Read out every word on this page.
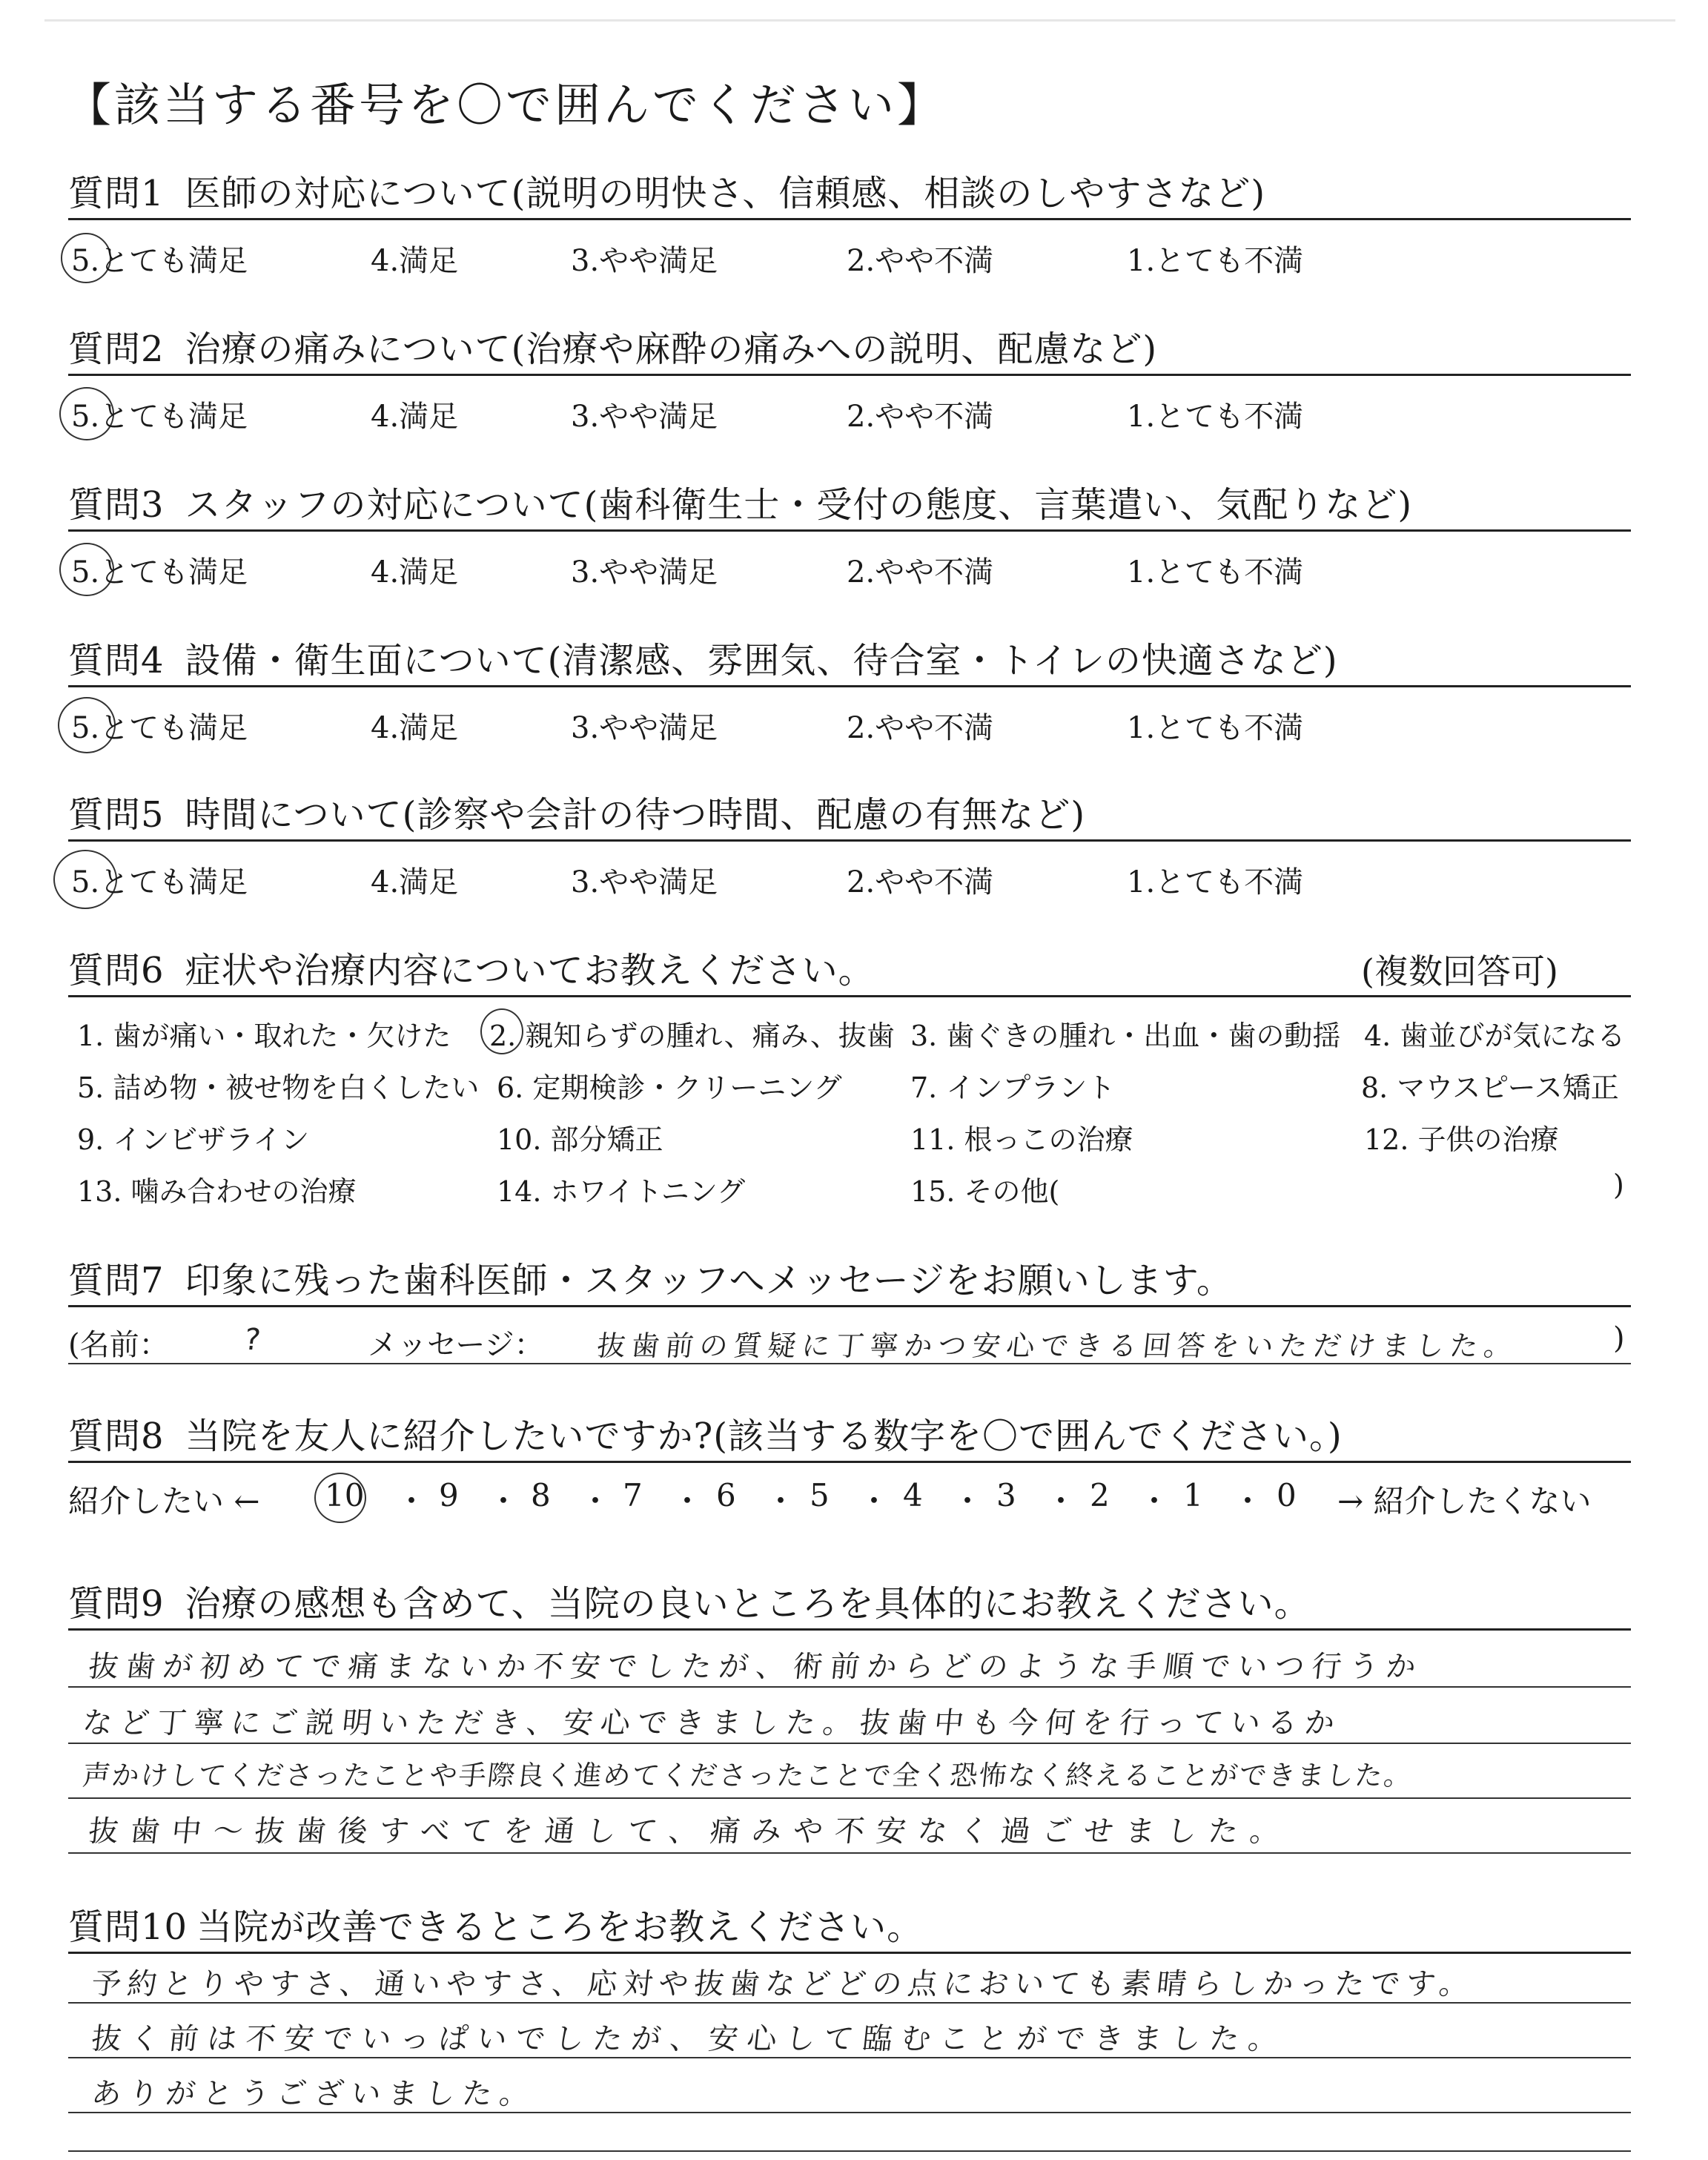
【該当する番号を〇で囲んでください】
質問1 医師の対応について(説明の明快さ、信頼感、相談のしやすさなど)
5.とても満足	4.満足	3.やや満足	2.やや不満	1.とても不満
質問2 治療の痛みについて(治療や麻酔の痛みへの説明、配慮など)
5.とても満足	4.満足	3.やや満足	2.やや不満	1.とても不満
質問3 スタッフの対応について(歯科衛生士・受付の態度、言葉遣い、気配りなど)
5.とても満足	4.満足	3.やや満足	2.やや不満	1.とても不満
質問4 設備・衛生面について(清潔感、雰囲気、待合室・トイレの快適さなど)
5.とても満足	4.満足	3.やや満足	2.やや不満	1.とても不満
質問5 時間について(診察や会計の待つ時間、配慮の有無など)
5.とても満足	4.満足	3.やや満足	2.やや不満	1.とても不満
質問6 症状や治療内容についてお教えください。	(複数回答可)
1. 歯が痛い・取れた・欠けた 2. 親知らずの腫れ、痛み、抜歯 3. 歯ぐきの腫れ・出血・歯の動揺 4. 歯並びが気になる
5. 詰め物・被せ物を白くしたい 6. 定期検診・クリーニング 7. インプラント	8. マウスピース矯正
9. インビザライン	10. 部分矯正	11. 根っこの治療	12. 子供の治療
13. 噛み合わせの治療	14. ホワイトニング	15. その他(	)
質問7 印象に残った歯科医師・スタッフへメッセージをお願いします。
(名前： ?	メッセージ： 抜歯前の質疑に丁寧かつ安心できる回答をいただけました。	)
質問8 当院を友人に紹介したいですか?(該当する数字を〇で囲んでください。)
紹介したい ← 10 ・ 9 ・ 8 ・ 7 ・ 6 ・ 5 ・ 4 ・ 3 ・ 2 ・ 1 ・ 0 → 紹介したくない
質問9 治療の感想も含めて、当院の良いところを具体的にお教えください。
抜歯が初めてで痛まないか不安でしたが、術前からどのような手順でいつ行うか
など丁寧にご説明いただき、安心できました。抜歯中も今何を行っているか
声かけしてくださったことや手際良く進めてくださったことで全く恐怖なく終えることができました。
抜歯中〜抜歯後すべてを通して、痛みや不安なく過ごせました。
質問10 当院が改善できるところをお教えください。
予約とりやすさ、通いやすさ、応対や抜歯などどの点においても素晴らしかったです。
抜く前は不安でいっぱいでしたが、安心して臨むことができました。
ありがとうございました。
